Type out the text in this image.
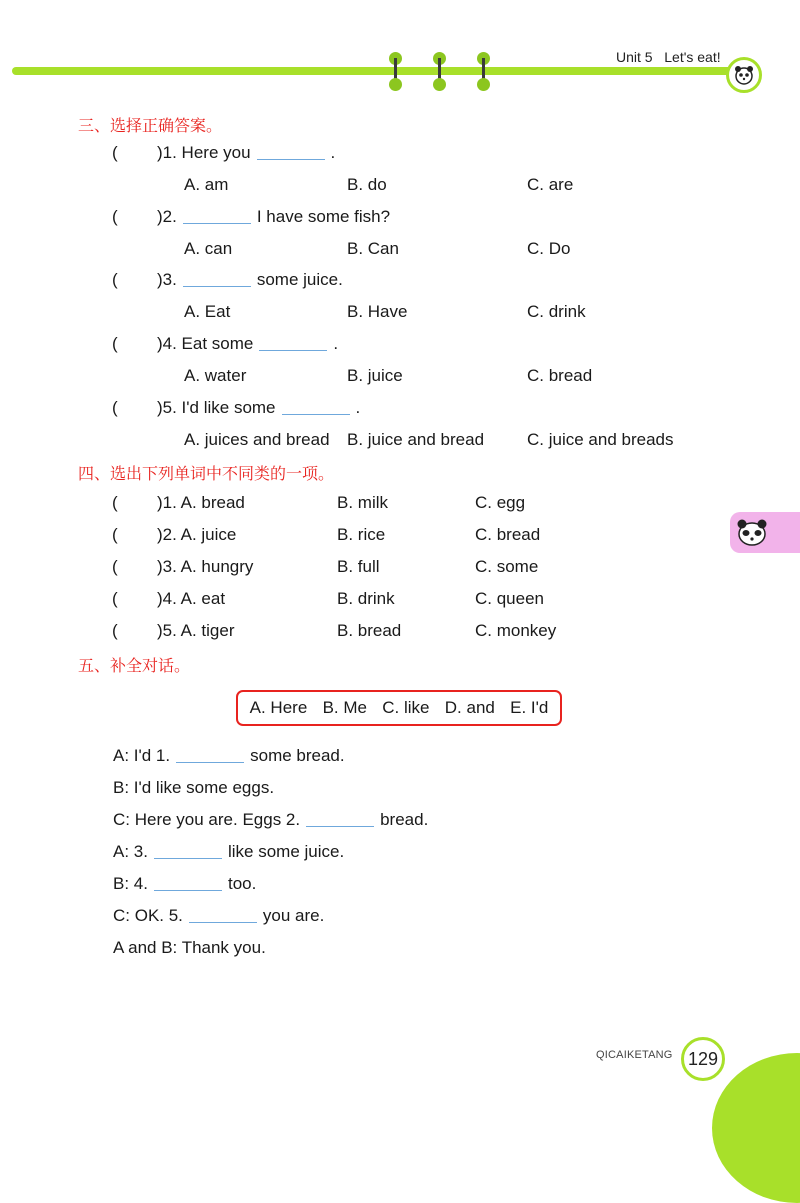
Unit 5   Let's eat!
三、选择正确答案。
( )1. Here you	.
A. am	B. do	C. are
( )2.	I have some fish?
A. can	B. Can	C. Do
( )3.	some juice.
A. Eat	B. Have	C. drink
( )4. Eat some	.
A. water	B. juice	C. bread
( )5. I'd like some	.
A. juices and bread B. juice and bread	C. juice and breads
四、选出下列单词中不同类的一项。
( )1. A. bread	B. milk	C. egg
( )2. A. juice	B. rice	C. bread
( )3. A. hungry	B. full	C. some
( )4. A. eat	B. drink	C. queen
( )5. A. tiger	B. bread	C. monkey
五、补全对话。
A. Here B. Me C. like D. and E. I'd
A: I'd 1.	some bread.
B: I'd like some eggs.
C: Here you are. Eggs 2.	bread.
A: 3.	like some juice.
B: 4.	too.
C: OK. 5.	you are.
A and B: Thank you.
QICAIKETANG 129
